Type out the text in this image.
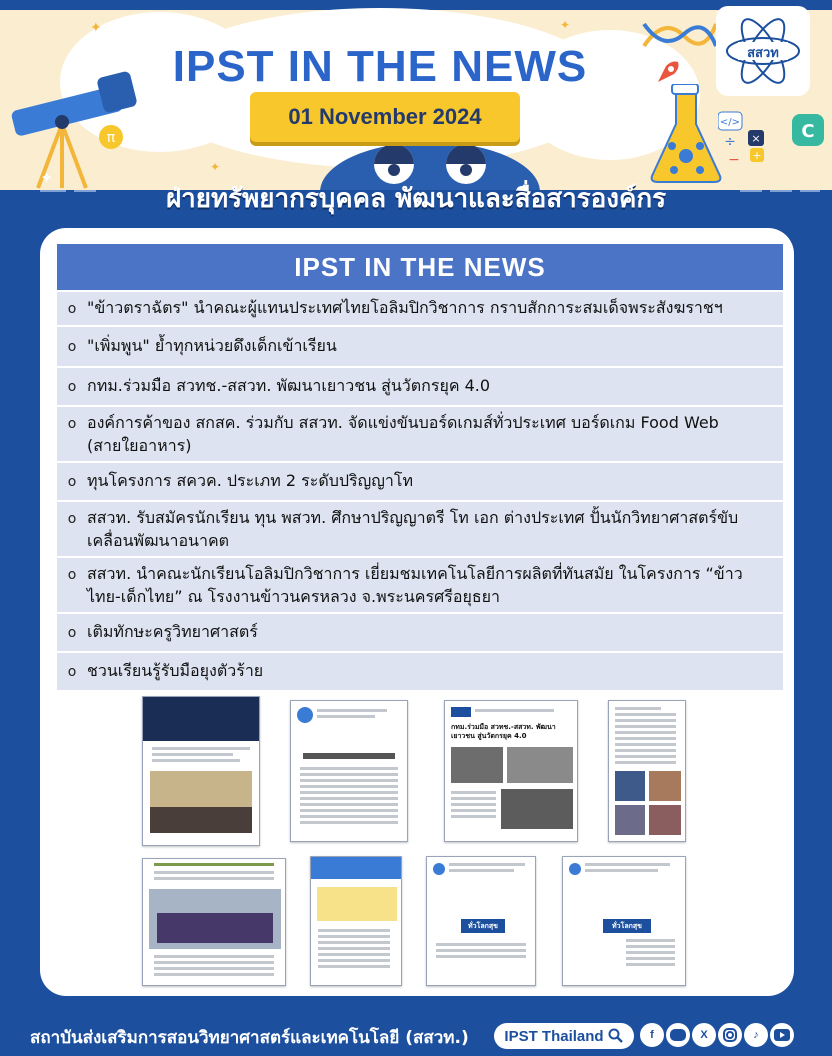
π
</>
×
÷
+
−
C
✦	✦
✦
✦
IPST IN THE NEWS
01 November 2024
สสวท
ฝ่ายทรัพยากรบุคคล พัฒนาและสื่อสารองค์กร
IPST IN THE NEWS
o "ข้าวตราฉัตร" นำคณะผู้แทนประเทศไทยโอลิมปิกวิชาการ กราบสักการะสมเด็จพระสังฆราชฯ
o "เพิ่มพูน" ย้ำทุกหน่วยดึงเด็กเข้าเรียน
o กทม.ร่วมมือ สวทช.-สสวท. พัฒนาเยาวชน สู่นวัตกรยุค 4.0
o องค์การค้าของ สกสค. ร่วมกับ สสวท. จัดแข่งขันบอร์ดเกมส์ทั่วประเทศ บอร์ดเกม Food Web (สายใยอาหาร)
o ทุนโครงการ สควค. ประเภท 2 ระดับปริญญาโท
o สสวท. รับสมัครนักเรียน ทุน พสวท. ศึกษาปริญญาตรี โท เอก ต่างประเทศ ปั้นนักวิทยาศาสตร์ขับเคลื่อนพัฒนาอนาคต
o สสวท. นำคณะนักเรียนโอลิมปิกวิชาการ เยี่ยมชมเทคโนโลยีการผลิตที่ทันสมัย ในโครงการ “ข้าวไทย-เด็กไทย” ณ โรงงานข้าวนครหลวง จ.พระนครศรีอยุธยา
o เติมทักษะครูวิทยาศาสตร์
o ชวนเรียนรู้รับมือยุงตัวร้าย
กทม.ร่วมมือ สวทช.-สสวท. พัฒนาเยาวชน สู่นวัตกรยุค 4.0
ทั่วโลกสุข	ทั่วโลกสุข
สถาบันส่งเสริมการสอนวิทยาศาสตร์และเทคโนโลยี (สสวท.) IPST Thailand	f	X	♪
